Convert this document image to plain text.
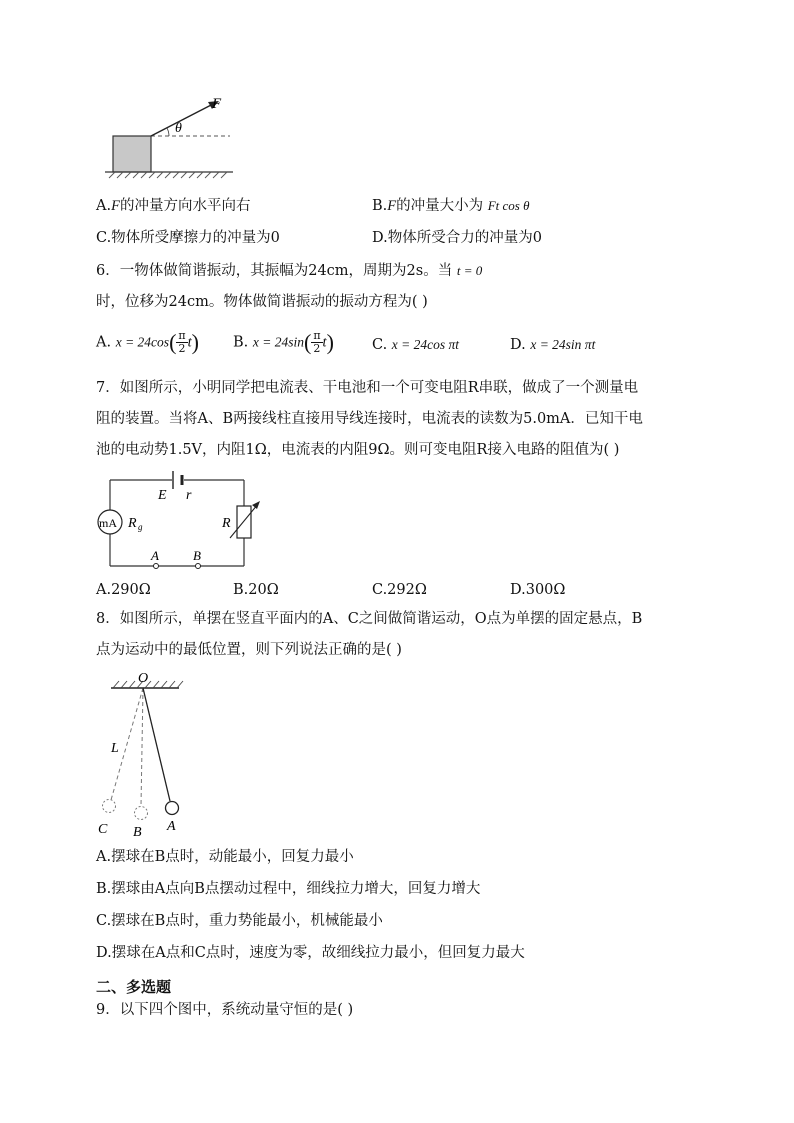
F
θ
A.F的冲量方向水平向右	B.F的冲量大小为 Ft cos θ
C.物体所受摩擦力的冲量为0	D.物体所受合力的冲量为0
6．一物体做简谐振动，其振幅为24cm，周期为2s。当 t = 0
时，位移为24cm。物体做简谐振动的振动方程为( )
A. $x = 24\cos( \frac{\pi}{2} t)$ B. $x = 24\sin( \frac{\pi}{2} t)$	C. x = 24cos πt	D. x = 24sin πt
7．如图所示，小明同学把电流表、干电池和一个可变电阻R串联，做成了一个测量电
阻的装置。当将A、B两接线柱直接用导线连接时，电流表的读数为5.0mA．已知干电
池的电动势1.5V，内阻1Ω，电流表的内阻9Ω。则可变电阻R接入电路的阻值为( )
E r
mA R g	R
A	B
A.290Ω	B.20Ω	C.292Ω	D.300Ω
8．如图所示，单摆在竖直平面内的A、C之间做简谐运动，O点为单摆的固定悬点，B
点为运动中的最低位置，则下列说法正确的是( )
O
L
C B A
A.摆球在B点时，动能最小，回复力最小
B.摆球由A点向B点摆动过程中，细线拉力增大，回复力增大
C.摆球在B点时，重力势能最小，机械能最小
D.摆球在A点和C点时，速度为零，故细线拉力最小，但回复力最大
二、多选题
9．以下四个图中，系统动量守恒的是( )
